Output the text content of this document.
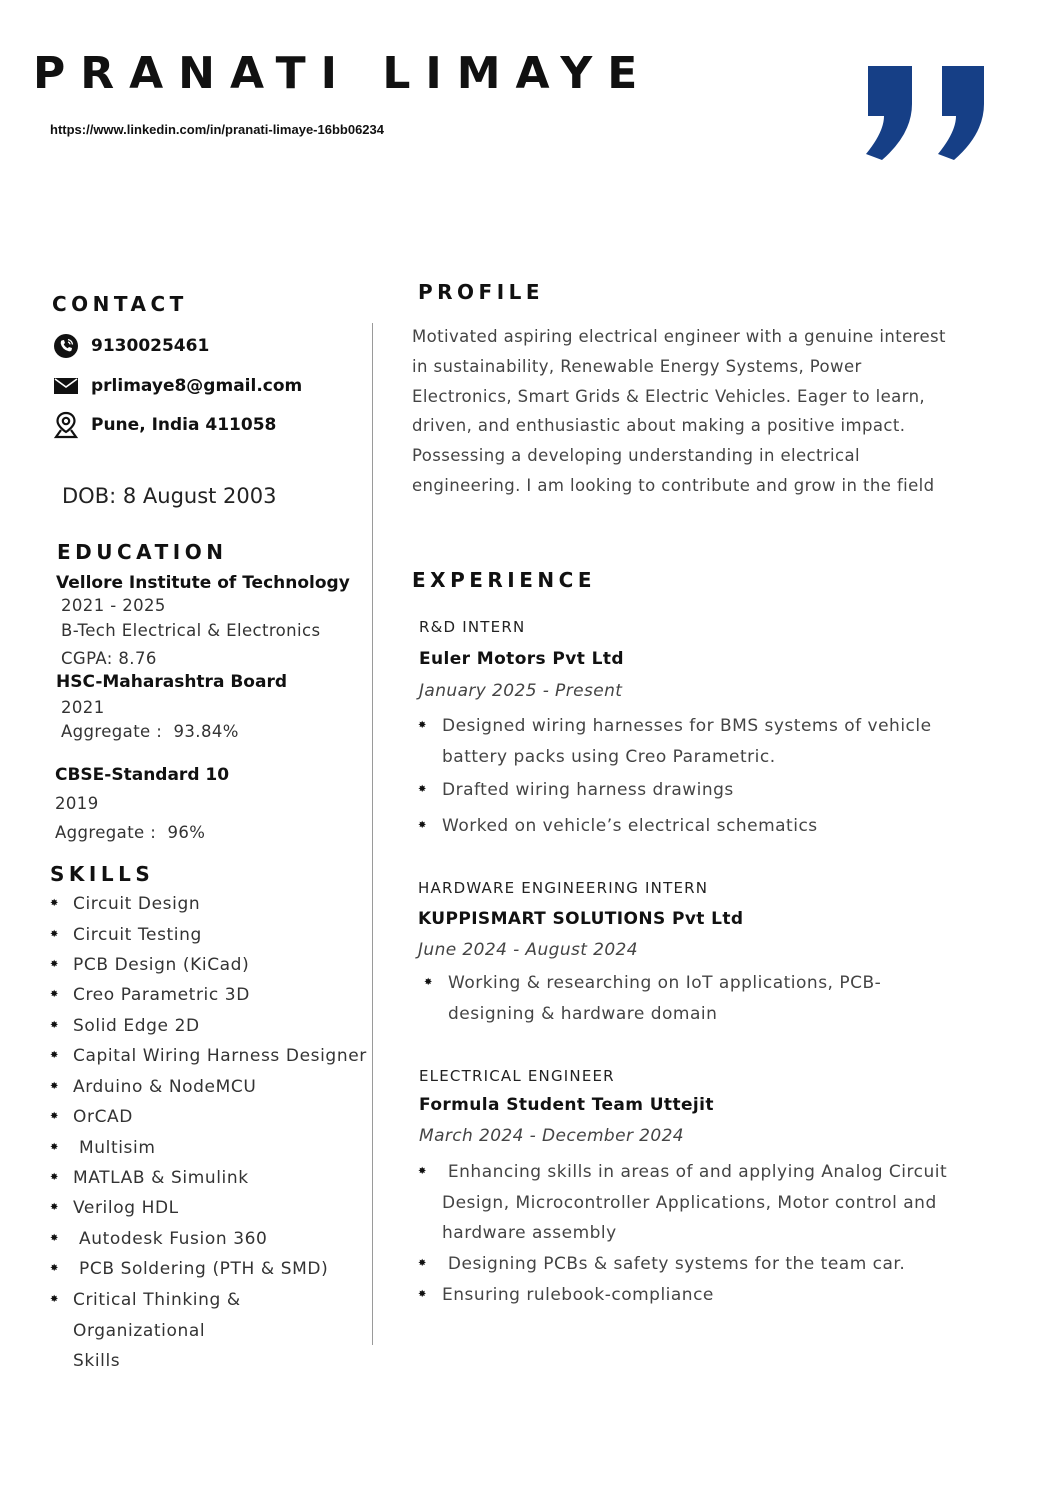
PRANATI LIMAYE
https://www.linkedin.com/in/pranati-limaye-16bb06234
CONTACT
9130025461
prlimaye8@gmail.com
Pune, India 411058
DOB: 8 August 2003
EDUCATION
Vellore Institute of Technology
2021 - 2025
B-Tech Electrical & Electronics
CGPA: 8.76
HSC-Maharashtra Board
2021
Aggregate :  93.84%
CBSE-Standard 10
2019
Aggregate :  96%
SKILLS
✸ Circuit Design
✸ Circuit Testing
✸ PCB Design (KiCad)
✸ Creo Parametric 3D
✸ Solid Edge 2D
✸ Capital Wiring Harness Designer
✸ Arduino & NodeMCU
✸ OrCAD
✸ Multisim
✸ MATLAB & Simulink
✸ Verilog HDL
✸ Autodesk Fusion 360
✸ PCB Soldering (PTH & SMD)
✸ Critical Thinking & Organizational Skills
PROFILE
Motivated aspiring electrical engineer with a genuine interest in sustainability, Renewable Energy Systems, Power Electronics, Smart Grids & Electric Vehicles. Eager to learn, driven, and enthusiastic about making a positive impact. Possessing a developing understanding in electrical engineering. I am looking to contribute and grow in the field
EXPERIENCE
R&D INTERN
Euler Motors Pvt Ltd
January 2025 - Present
✸ Designed wiring harnesses for BMS systems of vehicle battery packs using Creo Parametric.
✸ Drafted wiring harness drawings
✸ Worked on vehicle’s electrical schematics
HARDWARE ENGINEERING INTERN
KUPPISMART SOLUTIONS Pvt Ltd
June 2024 - August 2024
✸ Working & researching on IoT applications, PCB-designing & hardware domain
ELECTRICAL ENGINEER
Formula Student Team Uttejit
March 2024 - December 2024
✸ Enhancing skills in areas of and applying Analog Circuit Design, Microcontroller Applications, Motor control and hardware assembly
✸ Designing PCBs & safety systems for the team car.
✸ Ensuring rulebook-compliance
